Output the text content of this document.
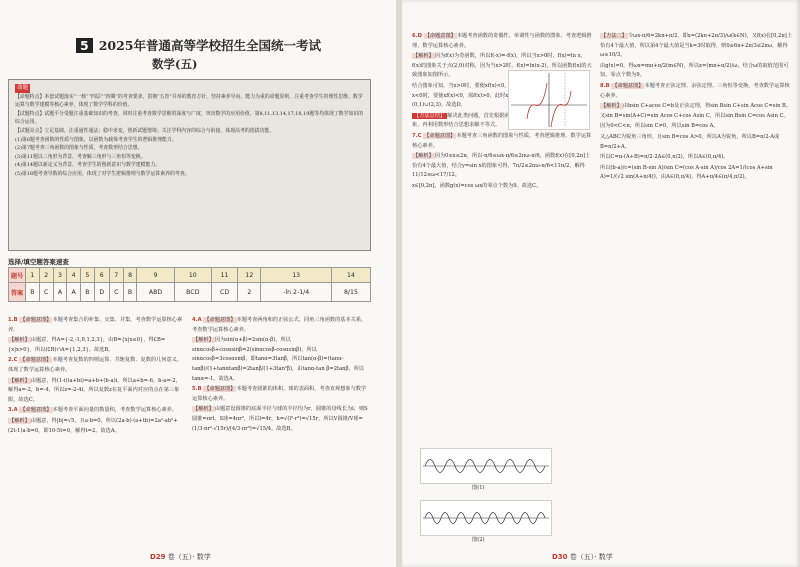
5 2025年普通高等学校招生全国统一考试
数学(五)
命题

【命题特点】本套试题落实“一核”“四层”“四翼”的考查要求，贯彻“五育”并举的教育方针，坚持素养导向、能力为重的命题原则，注重考查学生的理性思维、数学运算与数学建模等核心素养，体现了数学学科的价值。

【试题特点】试题平分受题注重基础知识的考查，同时注重考查数学思维的深度与广度，突出数学的应用价值，第8,11,13,14,17,18,19题等均体现了数学知识的综合运用。

【试题亮点】立足基础，注重通性通法；稳中求变，创新试题情境；关注学科内容的综合与衔接，体现高考的选拔功能。

(1)第6题考查函数的性质与图象，以函数为载体考查学生的逻辑推理能力。

(2)第7题考查三角函数的图象与性质，考查数形结合思想。

(3)第11题以三角形为背景，考查解三角形与三角恒等变换。

(4)第14题以新定义为背景，考查学生的创新意识与数学建模能力。

(5)第18题考查导数的综合应用，体现了对学生逻辑推理与数学运算素养的考查。

选择/填空题答案速查
题号	1	2	3	4	5	6	7	8	9	10	11	12	13	14
答案	B	C	A	A	B	D	C	B	ABD	BCD	CD	2	-ln 2-1/4	8/15

1.B 【命题意图】本题考查集合的补集、交集、并集，考查数学运算核心素养。

【解析】由题意，得A={-2,-1,0,1,2,3}，由B={x|x≤0}，得∁B={x|x>0}，所以(∁B)∩A={1,2,3}。故选B。

2.C 【命题意图】本题考查复数的四则运算、共轭复数、复数的几何意义，体现了数学运算核心素养。

【解析】由题意，得(1-i)(a+bi)=a+b+(b-a)i，所以a+b=-6，b-a=-2，解得a=-2，b=-4，所以z=-2-4i，所以复数z在复平面内对应的点在第三象限。故选C。

3.A 【命题意图】本题考查平面向量的数量积，考查数学运算核心素养。

【解析】由题意，得|b|=√5，且a·b=0，所以(2a-b)·(a+tb)=2a²-ab²+(2t-1)a·b=0，即10-5t=0，解得t=2。故选A。

4.A 【命题意图】本题考查两角和的正弦公式、同角三角函数的基本关系，考查数学运算核心素养。

【解析】因为sin(α+β)=2sin(α-β)，所以sinαcosβ+cosαsinβ=2(sinαcosβ-cosαsinβ)，所以sinαcosβ=3cosαsinβ，即tanα=3tanβ，所以tan(α-β)=(tanα-tanβ)/(1+tanαtanβ)=2tanβ/(1+3tan²β)，由tanα-tan β=2tanβ，所以tanα=-1。故选A。

5.B 【命题意图】本题考查圆锥的体积、球的表面积，考查直观想象与数学运算核心素养。

【解析】由题意设圆锥的底面半径与球的半径均为r，圆锥的母线长为l，则S圆锥=πrl，S球=4πr²，所以l=4r，h=√(l²-r²)=√15r，所以V圆锥/V球=(1/3·πr²·√15r)/(4/3·πr³)=√15/4。故选B。

D29 卷（五）· 数学

6.D 【命题意图】本题考查函数的奇偶性、单调性与函数的图象，考查逻辑推理、数学运算核心素养。

【解析】因为f(x)为奇函数，所以f(-x)=-f(x)，所以当x>0时，f(x)=ln x，f(x)的图象关于点(2,0)对称，因为当x>2时，f(x)=ln(x-2)，所以函数f(x)的大致图象如图所示。

结合图象可知，当x>0时，要使xf(x)<0，需f(x)<0，即x∈(0,1)∪(2,3)；当x<0时，要使xf(x)<0，需f(x)>0，此时x不存在，故不等式xf(x)<0的解集为(0,1)∪(2,3)。故选D。

【方法总结】 解决此类问题，首先根据函数的奇偶性和对称性得到函数的图象，再利用数形结合思想求解不等式。

7.C 【命题意图】本题考查三角函数的图象与性质，考查逻辑推理、数学运算核心素养。

【解析】因为0≤x≤2π，所以-π/6≤ωx-π/6≤2πω-π/6，函数f(x)在[0,2π]上恰有4个最大值，结合y=sin x的图象可得，7π/2≤2πω-π/6<11π/2，解得11/12≤ω<17/12。

x∈[0,2π]，函数g(x)=cos ωx的零点个数为9。故选C。

图(1)
图(2)

【方法二】令ωx-π/6=2kπ+π/2，即x=(2kπ+2π/3)/ω(k∈N)，又f(x)在[0,2π]上恰有4个最大值，所以第4个最大值是当k=3时取得，则0≤6π+2π/3≤2πω，解得ω≥10/3。

由g(x)=0，得ωx=mπ+π/2(m∈N)，所以x=(mπ+π/2)/ω，结合ω的取值范围可知，零点个数为9。

8.B 【命题意图】本题考查正弦定理、余弦定理、三角恒等变换，考查数学运算核心素养。

【解析】由bsin C+acos C=b及正弦定理，得sin Bsin C+sin Acos C=sin B。又sin B=sin(A+C)=sin Acos C+cos Asin C，所以sin Bsin C=cos Asin C。

因为0<C<π，所以sin C≠0，所以sin B=cos A。

又△ABC为锐角三角形，且sin B=cos A>0，所以A为锐角，所以B=π/2-A或B=π/2+A。

所以C=π-(A+B)=π/2-2A∈(0,π/2)，所以A∈(0,π/4)。

所以(b-a)/c=(sin B-sin A)/sin C=(cos A-sin A)/cos 2A=1/(cos A+sin A)=1/(√2 sin(A+π/4))，由A∈(0,π/4)，得A+π/4∈(π/4,π/2)。

D30 卷（五）· 数学
